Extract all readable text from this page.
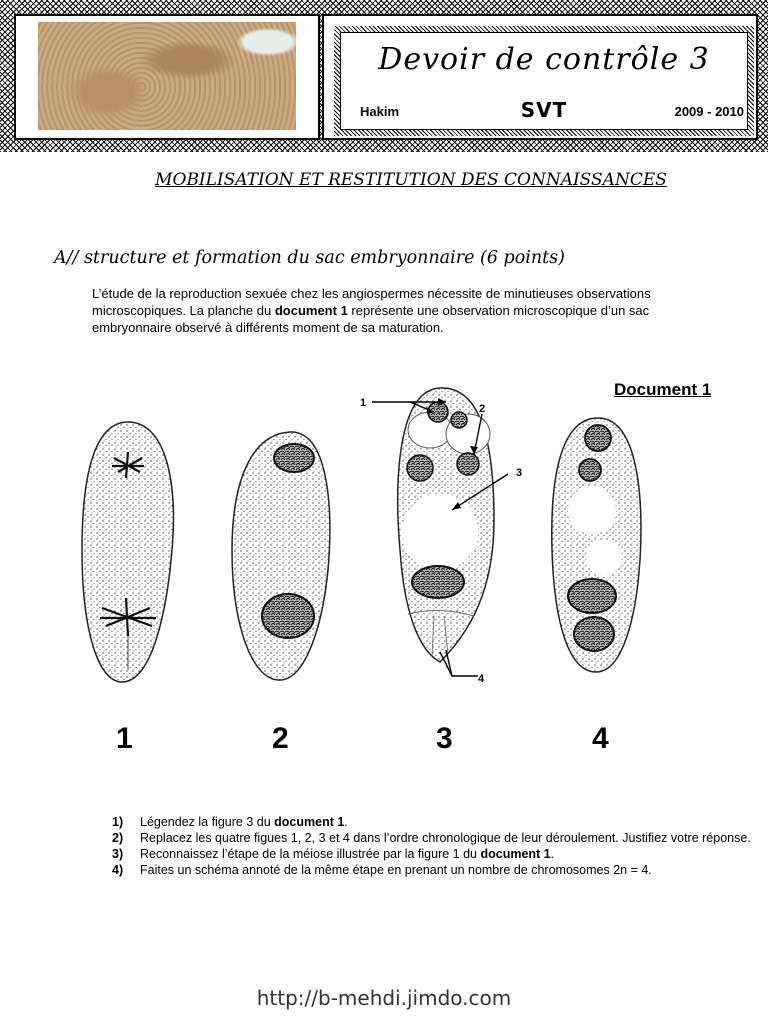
Devoir de contrôle 3
Hakim	SVT	2009 - 2010
MOBILISATION ET RESTITUTION DES CONNAISSANCES
A// structure et formation du sac embryonnaire (6 points)
L’étude de la reproduction sexuée chez les angiospermes nécessite de minutieuses observations microscopiques. La planche du document 1 représente une observation microscopique d’un sac embryonnaire observé à différents moment de sa maturation.
Document 1
1	2
3
4
1	2	3	4
1)	Légendez la figure 3 du document 1.
2)	Replacez les quatre figues 1, 2, 3 et 4 dans l’ordre chronologique de leur déroulement. Justifiez votre réponse.
3)	Reconnaissez l’étape de la méiose illustrée par la figure 1 du document 1.
4)	Faites un schéma annoté de la même étape en prenant un nombre de chromosomes 2n = 4.
http://b-mehdi.jimdo.com
